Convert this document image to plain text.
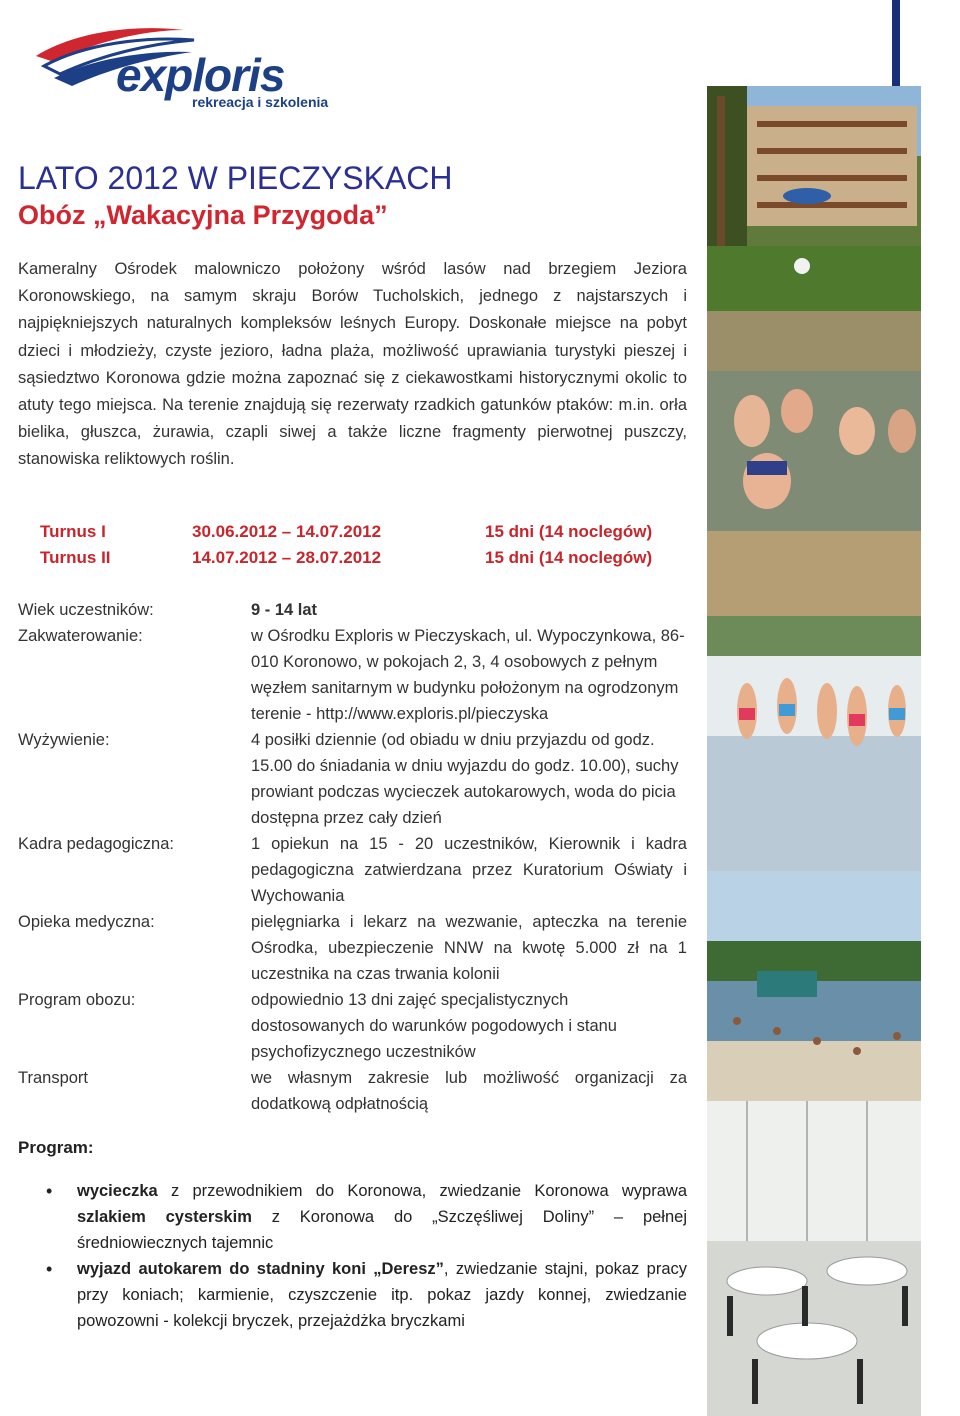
exploris
rekreacja i szkolenia
LATO 2012 W PIECZYSKACH
Obóz „Wakacyjna Przygoda”

Kameralny Ośrodek malowniczo położony wśród lasów nad brzegiem Jeziora Koronowskiego, na samym skraju Borów Tucholskich, jednego z najstarszych i najpiękniejszych naturalnych kompleksów leśnych Europy. Doskonałe miejsce na pobyt dzieci i młodzieży, czyste jezioro, ładna plaża, możliwość uprawiania turystyki pieszej i sąsiedztwo Koronowa gdzie można zapoznać się z ciekawostkami historycznymi okolic to atuty tego miejsca. Na terenie znajdują się rezerwaty rzadkich gatunków ptaków: m.in. orła bielika, głuszca, żurawia, czapli siwej a także liczne fragmenty pierwotnej puszczy, stanowiska reliktowych roślin.

Turnus I	30.06.2012 – 14.07.2012	15 dni (14 noclegów)
Turnus II	14.07.2012 – 28.07.2012	15 dni (14 noclegów)
Wiek uczestników:	9 - 14 lat
Zakwaterowanie:	w Ośrodku Exploris w Pieczyskach, ul. Wypoczynkowa, 86-010 Koronowo, w pokojach 2, 3, 4 osobowych z pełnym węzłem sanitarnym w budynku położonym na ogrodzonym terenie - http://www.exploris.pl/pieczyska
Wyżywienie:	4 posiłki dziennie (od obiadu w dniu przyjazdu od godz. 15.00 do śniadania w dniu wyjazdu do godz. 10.00), suchy prowiant podczas wycieczek autokarowych, woda do picia dostępna przez cały dzień
Kadra pedagogiczna:	1 opiekun na 15 - 20 uczestników, Kierownik i kadra pedagogiczna zatwierdzana przez Kuratorium Oświaty i Wychowania
Opieka medyczna:	pielęgniarka i lekarz na wezwanie, apteczka na terenie Ośrodka, ubezpieczenie NNW na kwotę 5.000 zł na 1 uczestnika na czas trwania kolonii
Program obozu:	odpowiednio 13 dni zajęć specjalistycznych dostosowanych do warunków pogodowych i stanu psychofizycznego uczestników
Transport	we własnym zakresie lub możliwość organizacji za dodatkową odpłatnością
Program:
• wycieczka z przewodnikiem do Koronowa, zwiedzanie Koronowa wyprawa szlakiem cysterskim z Koronowa do „Szczęśliwej Doliny” – pełnej średniowiecznych tajemnic
• wyjazd autokarem do stadniny koni „Deresz”, zwiedzanie stajni, pokaz pracy przy koniach; karmienie, czyszczenie itp. pokaz jazdy konnej, zwiedzanie powozowni - kolekcji bryczek, przejażdżka bryczkami
